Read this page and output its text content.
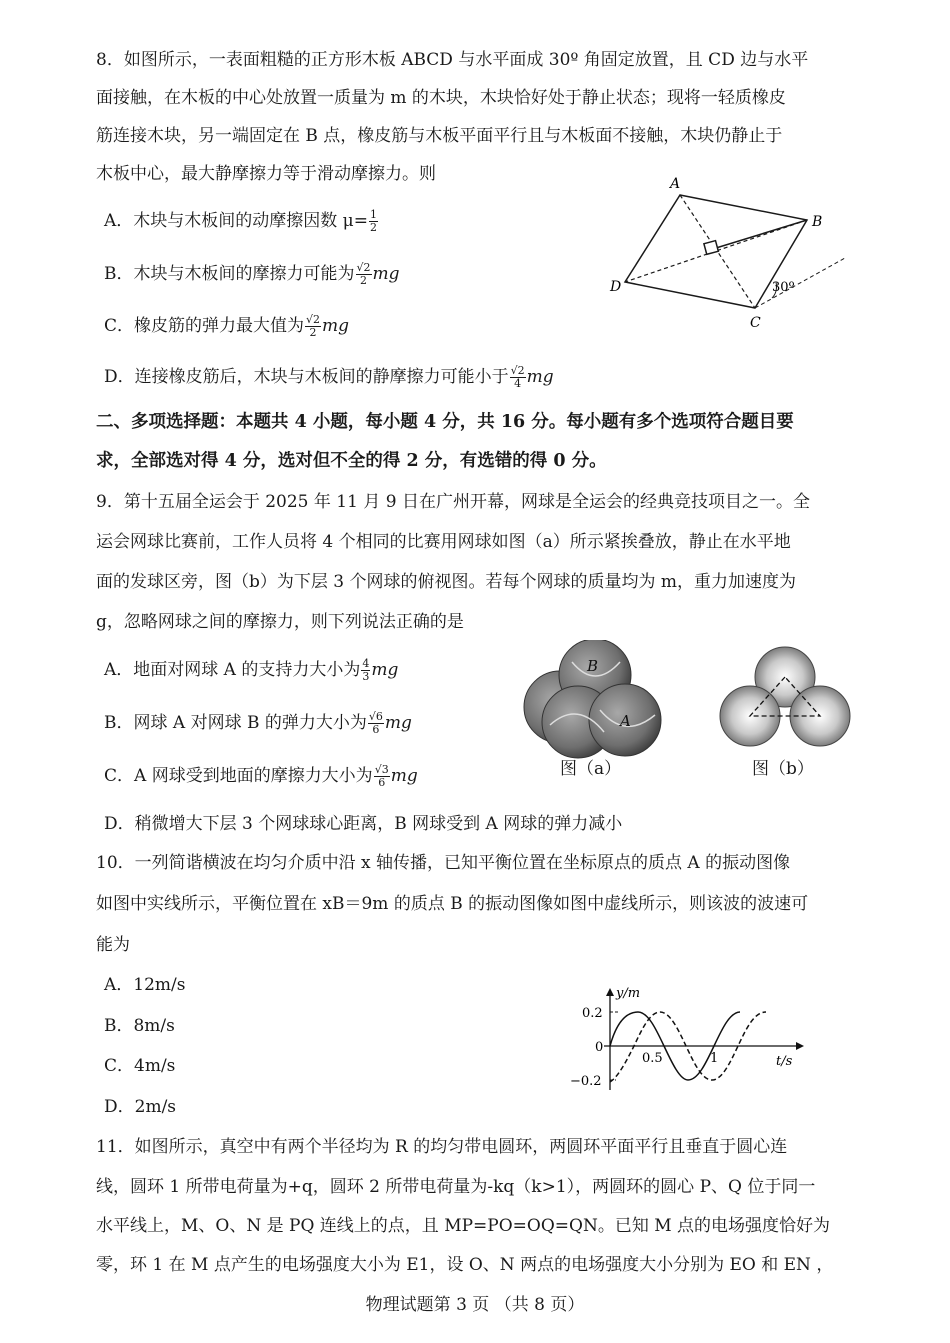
8．如图所示，一表面粗糙的正方形木板 ABCD 与水平面成 30º 角固定放置，且 CD 边与水平
面接触，在木板的中心处放置一质量为 m 的木块，木块恰好处于静止状态；现将一轻质橡皮
筋连接木块，另一端固定在 B 点，橡皮筋与木板平面平行且与木板面不接触，木块仍静止于
木板中心，最大静摩擦力等于滑动摩擦力。则
A．木块与木板间的动摩擦因数 $\mu= \frac{1}{2}$
B．木块与木板间的摩擦力可能为 $\frac{√2}{2}$ mg
C．橡皮筋的弹力最大值为 $\frac{√2}{2}$ mg
D．连接橡皮筋后，木块与木板间的静摩擦力可能小于 $\frac{√2}{4}$ mg
A
B
C
D	30º
二、多项选择题：本题共 4 小题，每小题 4 分，共 16 分。每小题有多个选项符合题目要
求，全部选对得 4 分，选对但不全的得 2 分，有选错的得 0 分。
9．第十五届全运会于 2025 年 11 月 9 日在广州开幕，网球是全运会的经典竞技项目之一。全
运会网球比赛前，工作人员将 4 个相同的比赛用网球如图（a）所示紧挨叠放，静止在水平地
面的发球区旁，图（b）为下层 3 个网球的俯视图。若每个网球的质量均为 m，重力加速度为
g，忽略网球之间的摩擦力，则下列说法正确的是
A．地面对网球 A 的支持力大小为 $\frac{4}{3}$ mg
B．网球 A 对网球 B 的弹力大小为 $\frac{√6}{6}$ mg
C．A 网球受到地面的摩擦力大小为 $\frac{√3}{6}$ mg
D．稍微增大下层 3 个网球球心距离，B 网球受到 A 网球的弹力减小
B
A
图（a）	图（b）
10．一列简谐横波在均匀介质中沿 x 轴传播，已知平衡位置在坐标原点的质点 A 的振动图像
如图中实线所示，平衡位置在 xB＝9m 的质点 B 的振动图像如图中虚线所示，则该波的波速可
能为
A．12m/s
B．8m/s
C．4m/s
D．2m/s
y/m
t/s
0.2
0
−0.2
0.5	1
11．如图所示，真空中有两个半径均为 R 的均匀带电圆环，两圆环平面平行且垂直于圆心连
线，圆环 1 所带电荷量为+q，圆环 2 所带电荷量为-kq（k>1），两圆环的圆心 P、Q 位于同一
水平线上，M、O、N 是 PQ 连线上的点，且 MP=PO=OQ=QN。已知 M 点的电场强度恰好为
零，环 1 在 M 点产生的电场强度大小为 E1，设 O、N 两点的电场强度大小分别为 EO 和 EN ，
物理试题第 3 页 （共 8 页）
